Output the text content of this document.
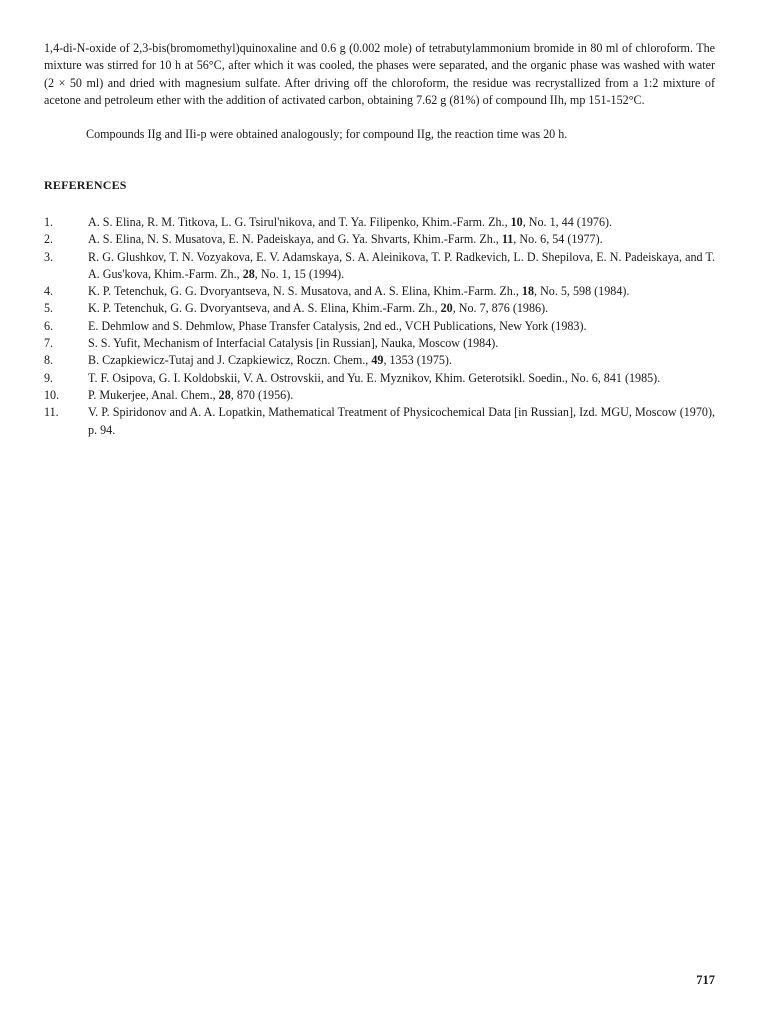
1,4-di-N-oxide of 2,3-bis(bromomethyl)quinoxaline and 0.6 g (0.002 mole) of tetrabutylammonium bromide in 80 ml of chloroform. The mixture was stirred for 10 h at 56°C, after which it was cooled, the phases were separated, and the organic phase was washed with water (2 × 50 ml) and dried with magnesium sulfate. After driving off the chloroform, the residue was recrystallized from a 1:2 mixture of acetone and petroleum ether with the addition of activated carbon, obtaining 7.62 g (81%) of compound IIh, mp 151-152°C.

Compounds IIg and IIi-p were obtained analogously; for compound IIg, the reaction time was 20 h.

REFERENCES
1.	A. S. Elina, R. M. Titkova, L. G. Tsirul'nikova, and T. Ya. Filipenko, Khim.-Farm. Zh., 10, No. 1, 44 (1976).
2.	A. S. Elina, N. S. Musatova, E. N. Padeiskaya, and G. Ya. Shvarts, Khim.-Farm. Zh., 11, No. 6, 54 (1977).
3.	R. G. Glushkov, T. N. Vozyakova, E. V. Adamskaya, S. A. Aleinikova, T. P. Radkevich, L. D. Shepilova, E. N. Padeiskaya, and T. A. Gus'kova, Khim.-Farm. Zh., 28, No. 1, 15 (1994).
4.	K. P. Tetenchuk, G. G. Dvoryantseva, N. S. Musatova, and A. S. Elina, Khim.-Farm. Zh., 18, No. 5, 598 (1984).
5.	K. P. Tetenchuk, G. G. Dvoryantseva, and A. S. Elina, Khim.-Farm. Zh., 20, No. 7, 876 (1986).
6.	E. Dehmlow and S. Dehmlow, Phase Transfer Catalysis, 2nd ed., VCH Publications, New York (1983).
7.	S. S. Yufit, Mechanism of Interfacial Catalysis [in Russian], Nauka, Moscow (1984).
8.	B. Czapkiewicz-Tutaj and J. Czapkiewicz, Roczn. Chem., 49, 1353 (1975).
9.	T. F. Osipova, G. I. Koldobskii, V. A. Ostrovskii, and Yu. E. Myznikov, Khim. Geterotsikl. Soedin., No. 6, 841 (1985).
10. P. Mukerjee, Anal. Chem., 28, 870 (1956).
11. V. P. Spiridonov and A. A. Lopatkin, Mathematical Treatment of Physicochemical Data [in Russian], Izd. MGU, Moscow (1970), p. 94.
717
